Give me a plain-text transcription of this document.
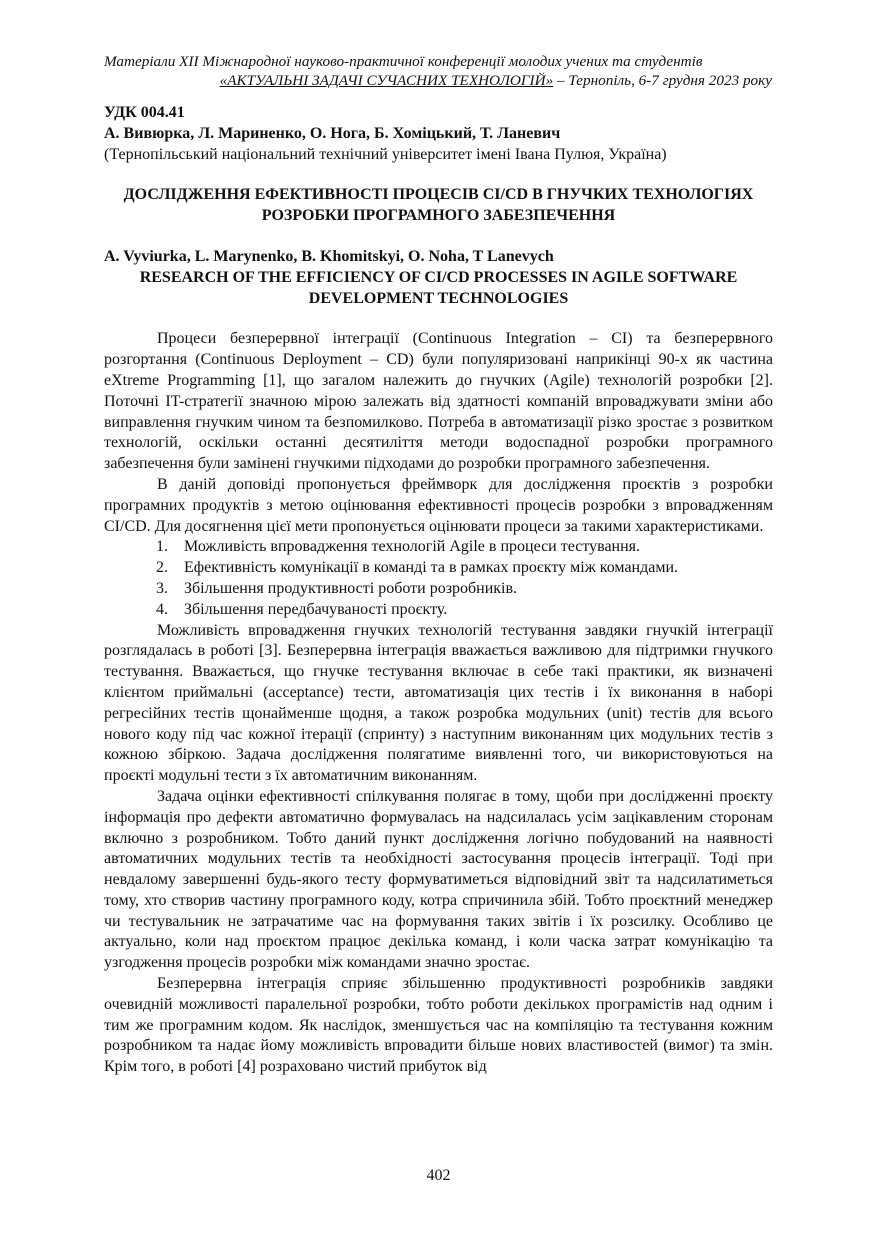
Матеріали XII Міжнародної науково-практичної конференції молодих учених та студентів
«АКТУАЛЬНІ ЗАДАЧІ СУЧАСНИХ ТЕХНОЛОГІЙ» – Тернопіль, 6-7 грудня 2023 року
УДК 004.41
А. Вивюрка, Л. Мариненко, О. Нога, Б. Хоміцький, Т. Ланевич
(Тернопільський національний технічний університет імені Івана Пулюя, Україна)
ДОСЛІДЖЕННЯ ЕФЕКТИВНОСТІ ПРОЦЕСІВ СІ/CD В ГНУЧКИХ ТЕХНОЛОГІЯХ РОЗРОБКИ ПРОГРАМНОГО ЗАБЕЗПЕЧЕННЯ
A. Vyviurka, L. Marynenko, B. Khomitskyi, O. Noha, T Lanevych
RESEARCH OF THE EFFICIENCY OF CI/CD PROCESSES IN AGILE SOFTWARE DEVELOPMENT TECHNOLOGIES

Процеси безперервної інтеграції (Continuous Integration – CI) та безперервного розгортання (Continuous Deployment – CD) були популяризовані наприкінці 90-х як частина eXtreme Programming [1], що загалом належить до гнучких (Agile) технологій розробки [2]. Поточні IT-стратегії значною мірою залежать від здатності компаній впроваджувати зміни або виправлення гнучким чином та безпомилково. Потреба в автоматизації різко зростає з розвитком технологій, оскільки останні десятиліття методи водоспадної розробки програмного забезпечення були замінені гнучкими підходами до розробки програмного забезпечення.

В даній доповіді пропонується фреймворк для дослідження проєктів з розробки програмних продуктів з метою оцінювання ефективності процесів розробки з впровадженням CI/CD. Для досягнення цієї мети пропонується оцінювати процеси за такими характеристиками.

1.	Можливість впровадження технологій Agile в процеси тестування.
2.	Ефективність комунікації в команді та в рамках проєкту між командами.
3.	Збільшення продуктивності роботи розробників.
4.	Збільшення передбачуваності проєкту.

Можливість впровадження гнучких технологій тестування завдяки гнучкій інтеграції розглядалась в роботі [3]. Безперервна інтеграція вважається важливою для підтримки гнучкого тестування. Вважається, що гнучке тестування включає в себе такі практики, як визначені клієнтом приймальні (acceptance) тести, автоматизація цих тестів і їх виконання в наборі регресійних тестів щонайменше щодня, а також розробка модульних (unit) тестів для всього нового коду під час кожної ітерації (спринту) з наступним виконанням цих модульних тестів з кожною збіркою. Задача дослідження полягатиме виявленні того, чи використовуються на проєкті модульні тести з їх автоматичним виконанням.

Задача оцінки ефективності спілкування полягає в тому, щоби при дослідженні проєкту інформація про дефекти автоматично формувалась на надсилалась усім зацікавленим сторонам включно з розробником. Тобто даний пункт дослідження логічно побудований на наявності автоматичних модульних тестів та необхідності застосування процесів інтеграції. Тоді при невдалому завершенні будь-якого тесту формуватиметься відповідний звіт та надсилатиметься тому, хто створив частину програмного коду, котра спричинила збій. Тобто проєктний менеджер чи тестувальник не затрачатиме час на формування таких звітів і їх розсилку. Особливо це актуально, коли над проєктом працює декілька команд, і коли часка затрат комунікацію та узгодження процесів розробки між командами значно зростає.

Безперервна інтеграція сприяє збільшенню продуктивності розробників завдяки очевидній можливості паралельної розробки, тобто роботи декількох програмістів над одним і тим же програмним кодом. Як наслідок, зменшується час на компіляцію та тестування кожним розробником та надає йому можливість впровадити більше нових властивостей (вимог) та змін. Крім того, в роботі [4] розраховано чистий прибуток від

402
